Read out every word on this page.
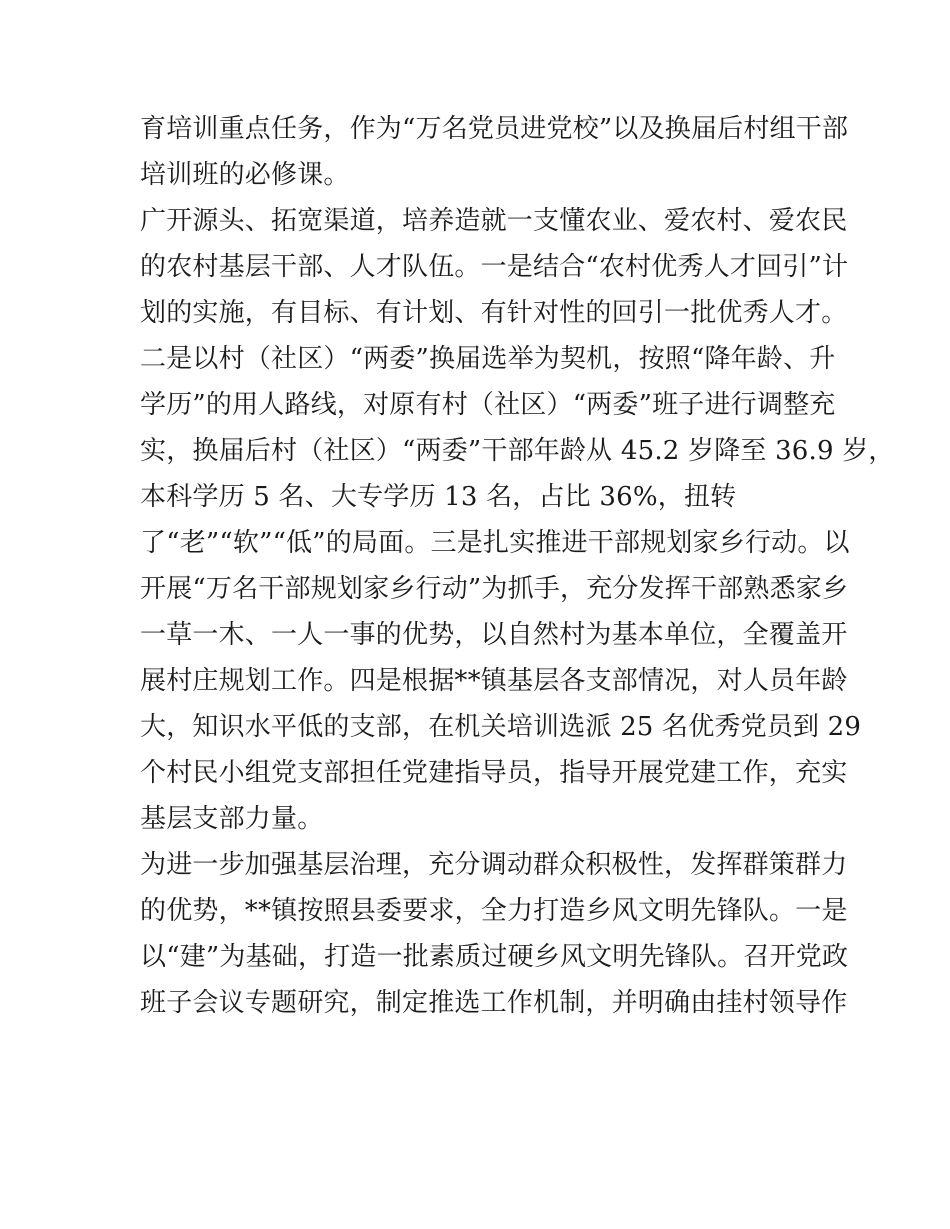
育培训重点任务，作为“万名党员进党校”以及换届后村组干部
培训班的必修课。
广开源头、拓宽渠道，培养造就一支懂农业、爱农村、爱农民
的农村基层干部、人才队伍。一是结合“农村优秀人才回引”计
划的实施，有目标、有计划、有针对性的回引一批优秀人才。
二是以村（社区）“两委”换届选举为契机，按照“降年龄、升
学历”的用人路线，对原有村（社区）“两委”班子进行调整充
实，换届后村（社区）“两委”干部年龄从 45.2 岁降至 36.9 岁，
本科学历 5 名、大专学历 13 名，占比 36%，扭转
了“老”“软”“低”的局面。三是扎实推进干部规划家乡行动。以
开展“万名干部规划家乡行动”为抓手，充分发挥干部熟悉家乡
一草一木、一人一事的优势，以自然村为基本单位，全覆盖开
展村庄规划工作。四是根据**镇基层各支部情况，对人员年龄
大，知识水平低的支部，在机关培训选派 25 名优秀党员到 29
个村民小组党支部担任党建指导员，指导开展党建工作，充实
基层支部力量。
为进一步加强基层治理，充分调动群众积极性，发挥群策群力
的优势，**镇按照县委要求，全力打造乡风文明先锋队。一是
以“建”为基础，打造一批素质过硬乡风文明先锋队。召开党政
班子会议专题研究，制定推选工作机制，并明确由挂村领导作
